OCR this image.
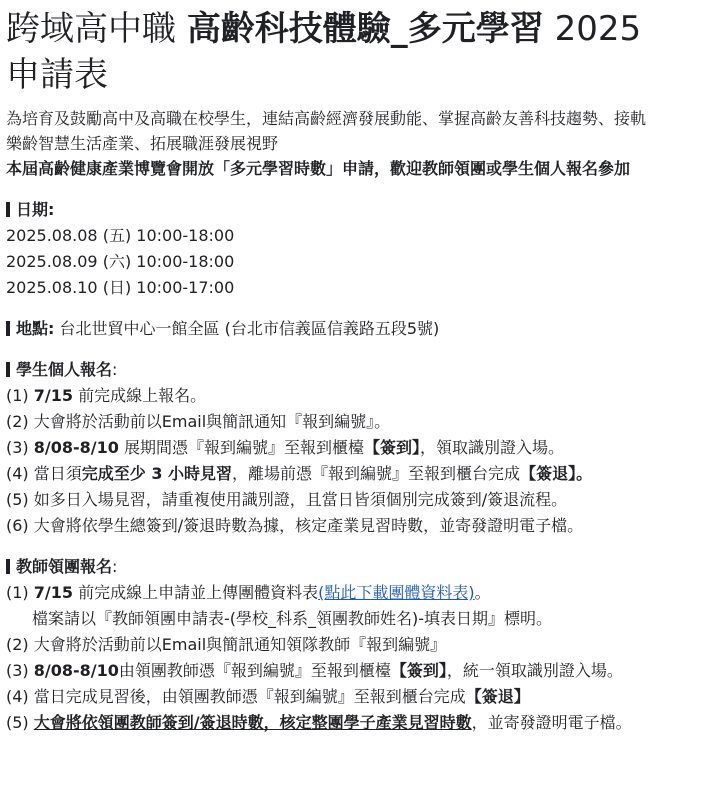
跨域高中職 高齡科技體驗_多元學習 2025
申請表
為培育及鼓勵高中及高職在校學生，連結高齡經濟發展動能、掌握高齡友善科技趨勢、接軌
樂齡智慧生活產業、拓展職涯發展視野
本屆高齡健康產業博覽會開放「多元學習時數」申請，歡迎教師領團或學生個人報名參加
日期:
2025.08.08 (五) 10:00-18:00
2025.08.09 (六) 10:00-18:00
2025.08.10 (日) 10:00-17:00
地點: 台北世貿中心一館全區 (台北市信義區信義路五段5號)
學生個人報名:
(1) 7/15 前完成線上報名。
(2) 大會將於活動前以Email與簡訊通知『報到編號』。
(3) 8/08-8/10 展期間憑『報到編號』至報到櫃檯【簽到】，領取識別證入場。
(4) 當日須完成至少 3 小時見習，離場前憑『報到編號』至報到櫃台完成【簽退】。
(5) 如多日入場見習，請重複使用識別證，且當日皆須個別完成簽到/簽退流程。
(6) 大會將依學生總簽到/簽退時數為據，核定產業見習時數，並寄發證明電子檔。
教師領團報名:
(1) 7/15 前完成線上申請並上傳團體資料表(點此下載團體資料表)。
檔案請以『教師領團申請表-(學校_科系_領團教師姓名)-填表日期』標明。
(2) 大會將於活動前以Email與簡訊通知領隊教師『報到編號』
(3) 8/08-8/10由領團教師憑『報到編號』至報到櫃檯【簽到】，統一領取識別證入場。
(4) 當日完成見習後，由領團教師憑『報到編號』至報到櫃台完成【簽退】
(5) 大會將依領團教師簽到/簽退時數，核定整團學子產業見習時數，並寄發證明電子檔。
